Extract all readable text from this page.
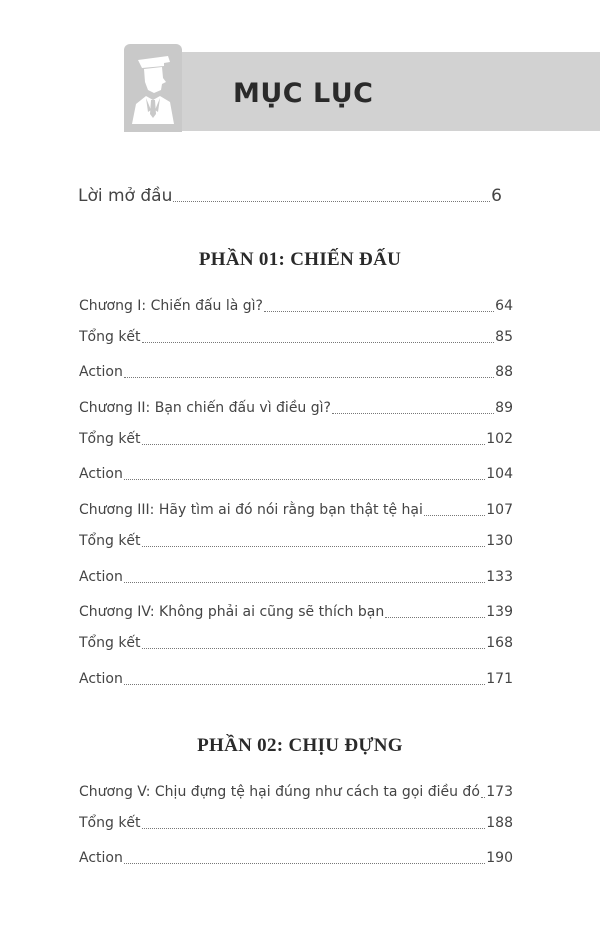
MỤC LỤC
Lời mở đầu	6
PHẦN 01: CHIẾN ĐẤU
Chương I: Chiến đấu là gì?	64
Tổng kết	85
Action	88
Chương II: Bạn chiến đấu vì điều gì?	89
Tổng kết	102
Action	104
Chương III: Hãy tìm ai đó nói rằng bạn thật tệ hại	107
Tổng kết	130
Action	133
Chương IV: Không phải ai cũng sẽ thích bạn	139
Tổng kết	168
Action	171
PHẦN 02: CHỊU ĐỰNG
Chương V: Chịu đựng tệ hại đúng như cách ta gọi điều đó 173
Tổng kết	188
Action	190
